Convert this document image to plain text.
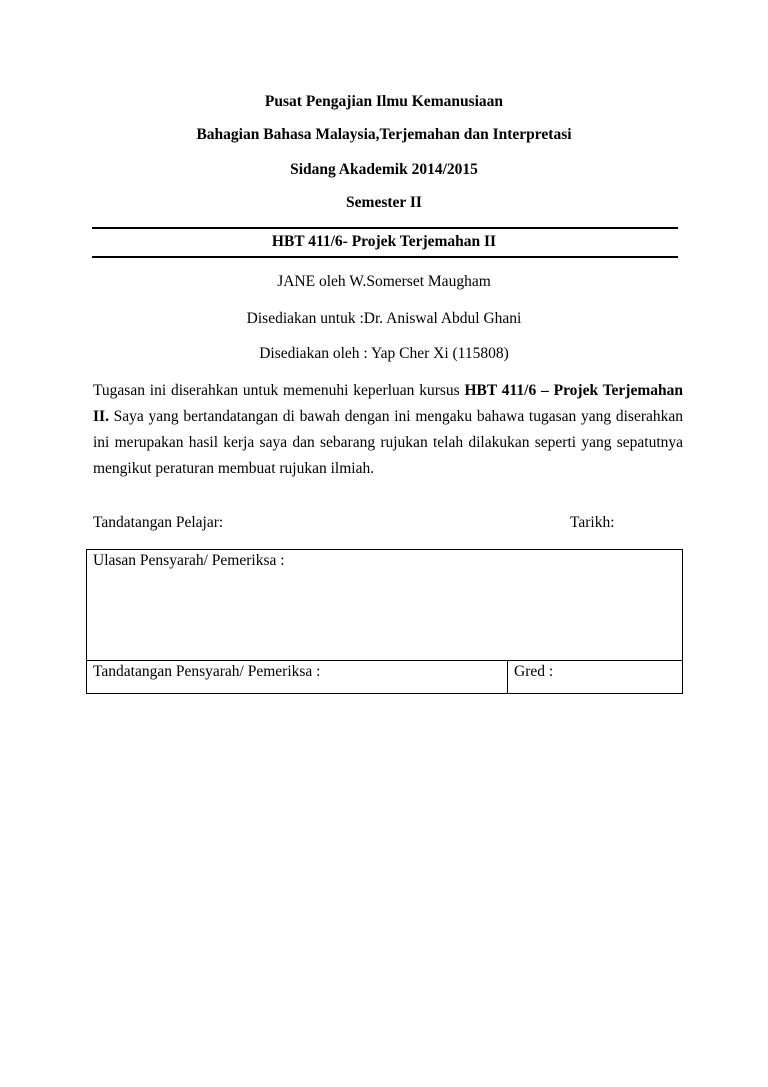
Pusat Pengajian Ilmu Kemanusiaan
Bahagian Bahasa Malaysia,Terjemahan dan Interpretasi
Sidang Akademik 2014/2015
Semester II
HBT 411/6- Projek Terjemahan II
JANE oleh W.Somerset Maugham
Disediakan untuk :Dr. Aniswal Abdul Ghani
Disediakan oleh : Yap Cher Xi (115808)
Tugasan ini diserahkan untuk memenuhi keperluan kursus HBT 411/6 – Projek Terjemahan II. Saya yang bertandatangan di bawah dengan ini mengaku bahawa tugasan yang diserahkan ini merupakan hasil kerja saya dan sebarang rujukan telah dilakukan seperti yang sepatutnya mengikut peraturan membuat rujukan ilmiah.
Tandatangan Pelajar:	Tarikh:
Ulasan Pensyarah/ Pemeriksa :
Tandatangan Pensyarah/ Pemeriksa :	Gred :
